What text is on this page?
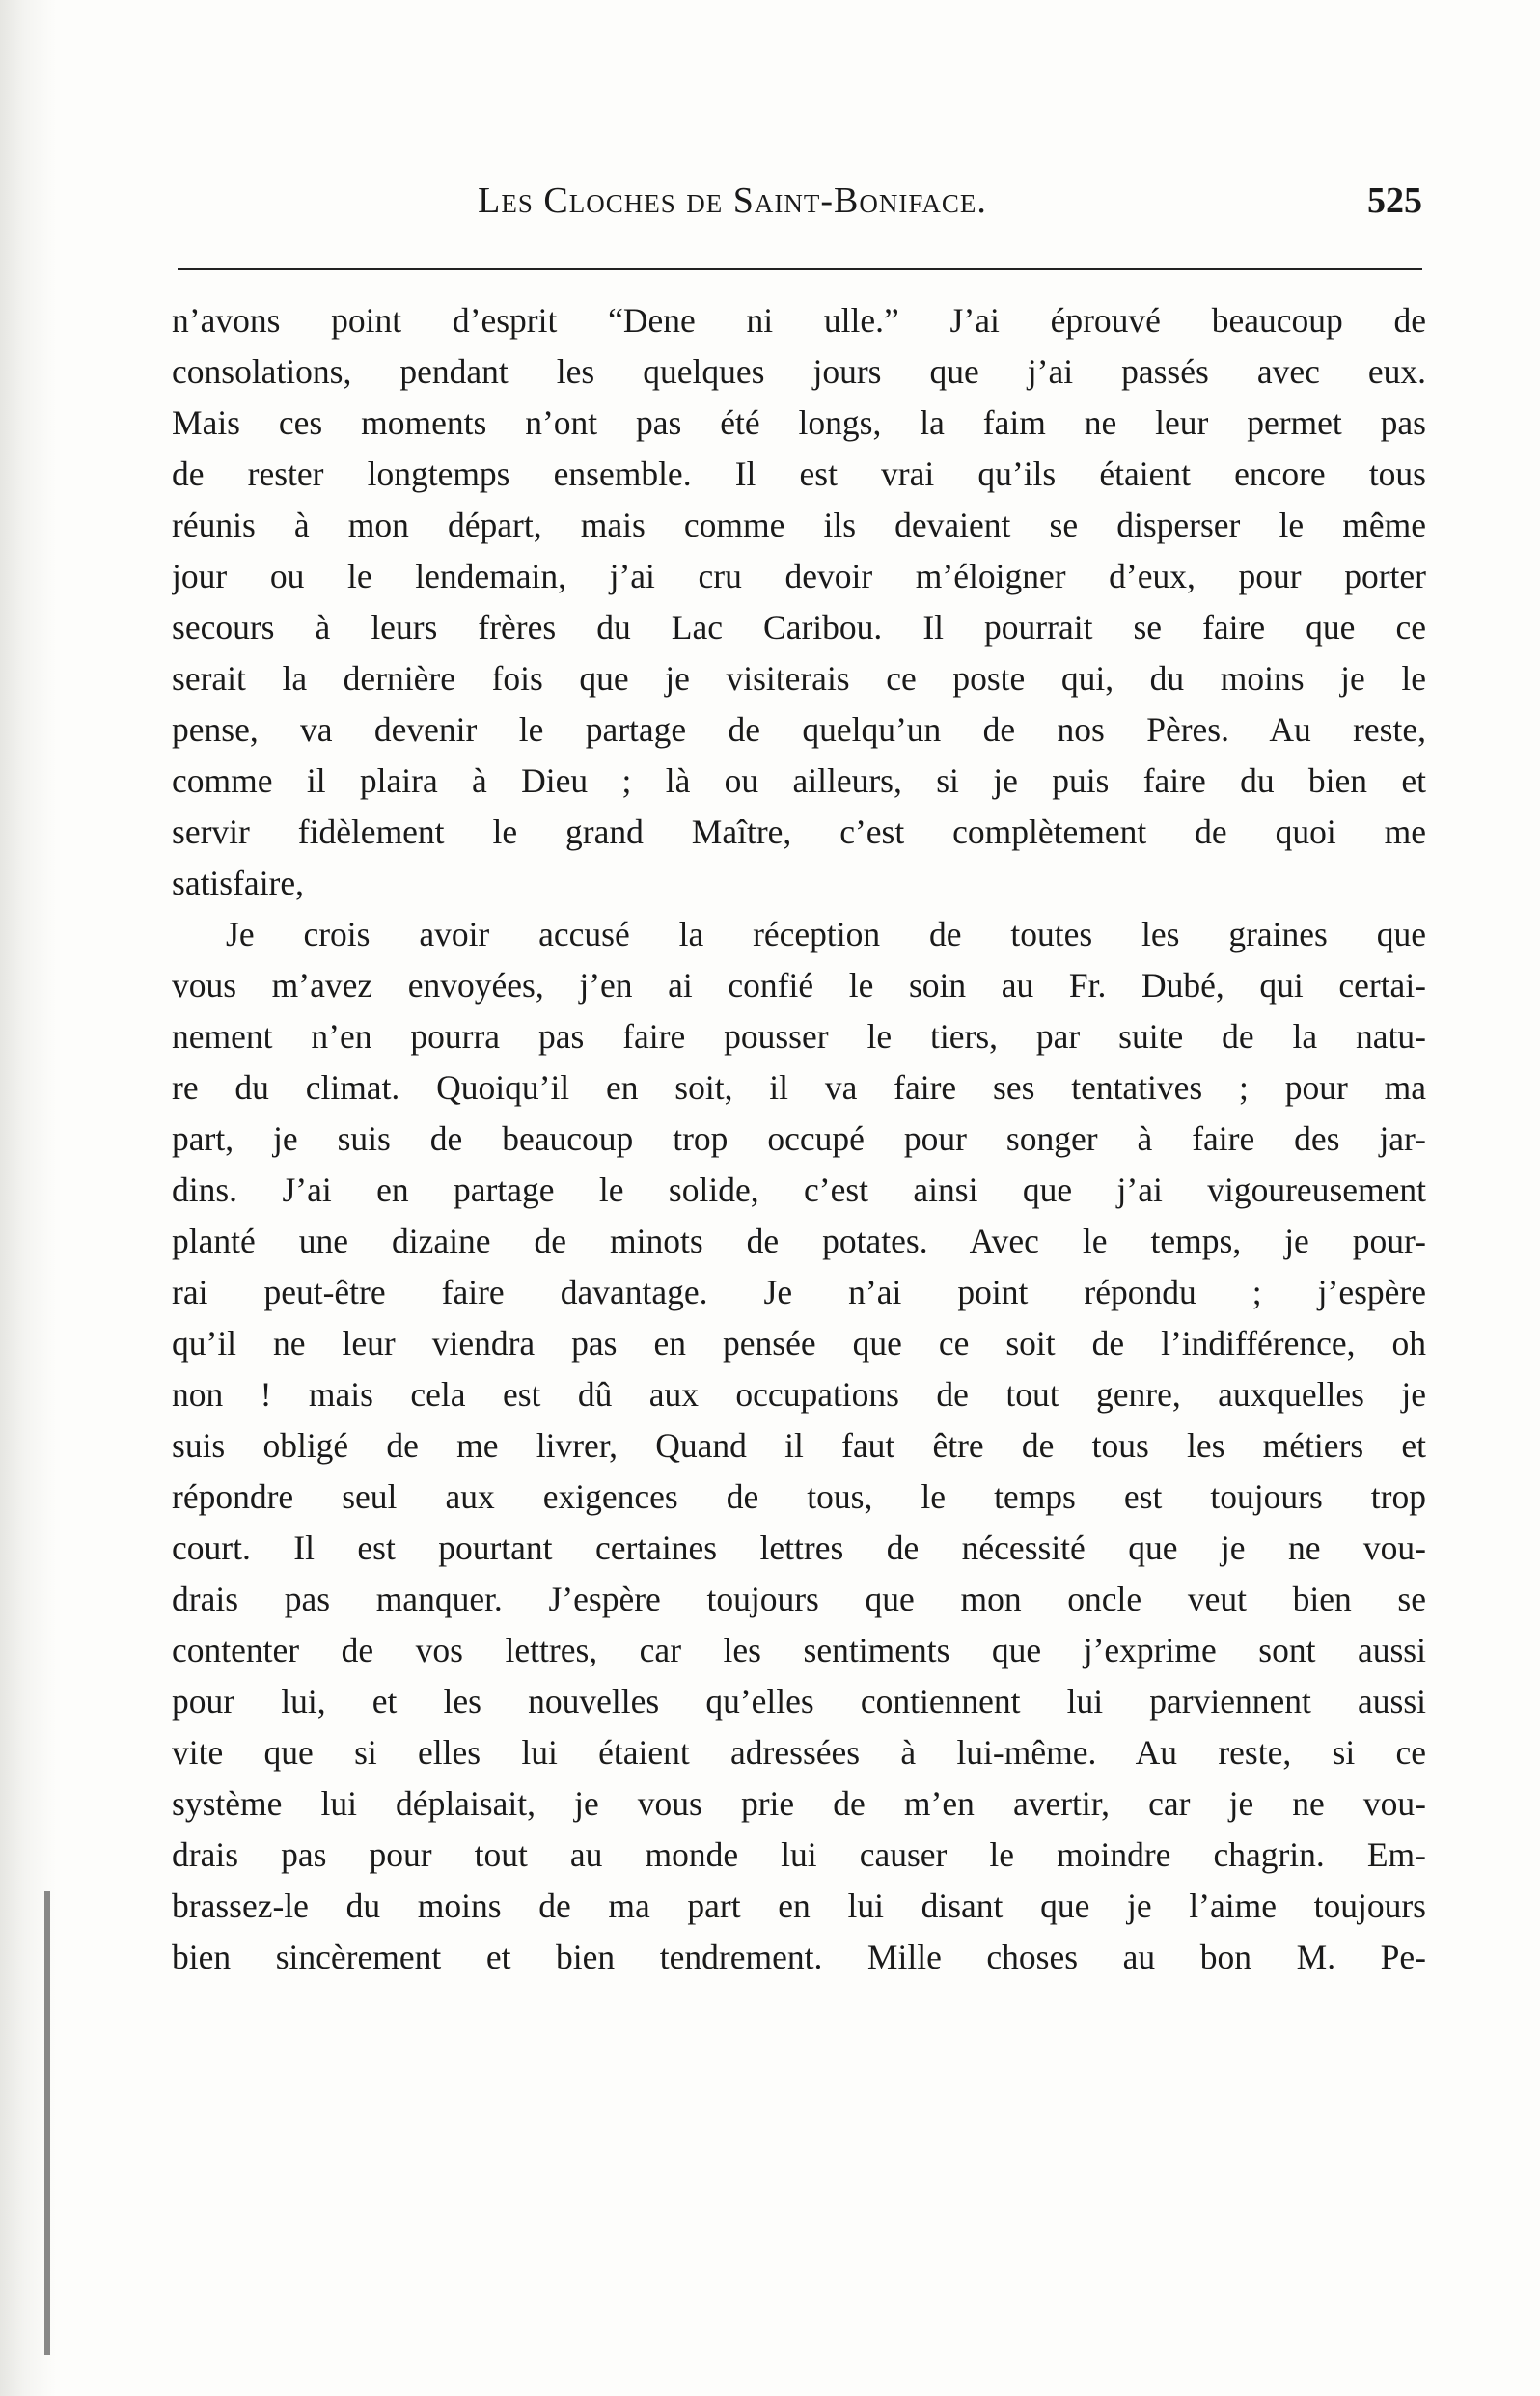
Les Cloches de Saint-Boniface.	525
n’avons point d’esprit “Dene ni ulle.” J’ai éprouvé beaucoup de
consolations, pendant les quelques jours que j’ai passés avec eux.
Mais ces moments n’ont pas été longs, la faim ne leur permet pas
de rester longtemps ensemble. Il est vrai qu’ils étaient encore tous
réunis à mon départ, mais comme ils devaient se disperser le même
jour ou le lendemain, j’ai cru devoir m’éloigner d’eux, pour porter
secours à leurs frères du Lac Caribou. Il pourrait se faire que ce
serait la dernière fois que je visiterais ce poste qui, du moins je le
pense, va devenir le partage de quelqu’un de nos Pères. Au reste,
comme il plaira à Dieu ; là ou ailleurs, si je puis faire du bien et
servir fidèlement le grand Maître, c’est complètement de quoi me
satisfaire,
Je crois avoir accusé la réception de toutes les graines que
vous m’avez envoyées, j’en ai confié le soin au Fr. Dubé, qui certai-
nement n’en pourra pas faire pousser le tiers, par suite de la natu-
re du climat. Quoiqu’il en soit, il va faire ses tentatives ; pour ma
part, je suis de beaucoup trop occupé pour songer à faire des jar-
dins. J’ai en partage le solide, c’est ainsi que j’ai vigoureusement
planté une dizaine de minots de potates. Avec le temps, je pour-
rai peut-être faire davantage. Je n’ai point répondu ; j’espère
qu’il ne leur viendra pas en pensée que ce soit de l’indifférence, oh
non ! mais cela est dû aux occupations de tout genre, auxquelles je
suis obligé de me livrer, Quand il faut être de tous les métiers et
répondre seul aux exigences de tous, le temps est toujours trop
court. Il est pourtant certaines lettres de nécessité que je ne vou-
drais pas manquer. J’espère toujours que mon oncle veut bien se
contenter de vos lettres, car les sentiments que j’exprime sont aussi
pour lui, et les nouvelles qu’elles contiennent lui parviennent aussi
vite que si elles lui étaient adressées à lui-même. Au reste, si ce
système lui déplaisait, je vous prie de m’en avertir, car je ne vou-
drais pas pour tout au monde lui causer le moindre chagrin. Em-
brassez-le du moins de ma part en lui disant que je l’aime toujours
bien sincèrement et bien tendrement. Mille choses au bon M. Pe-
